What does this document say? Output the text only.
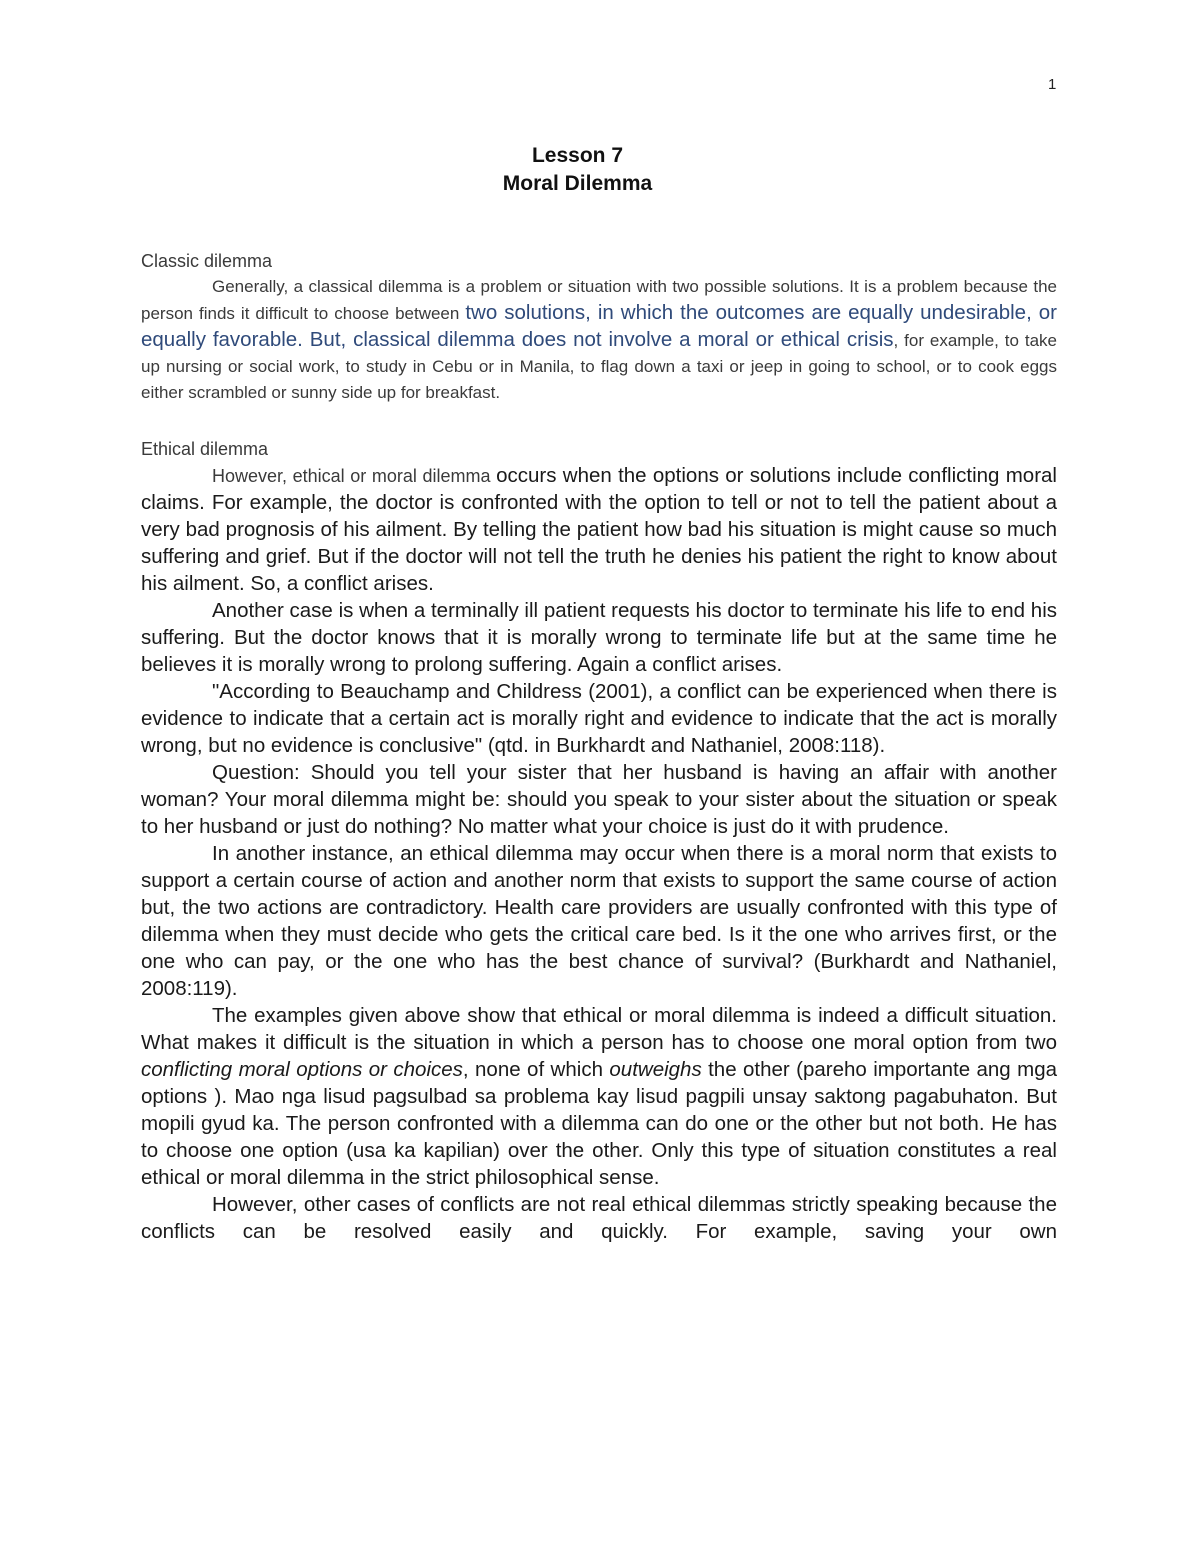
1
Lesson 7
Moral Dilemma
Classic dilemma

Generally, a classical dilemma is a problem or situation with two possible solutions. It is a problem because the person finds it difficult to choose between two solutions, in which the outcomes are equally undesirable, or equally favorable. But, classical dilemma does not involve a moral or ethical crisis, for example, to take up nursing or social work, to study in Cebu or in Manila, to flag down a taxi or jeep in going to school, or to cook eggs either scrambled or sunny side up for breakfast.

Ethical dilemma

However, ethical or moral dilemma occurs when the options or solutions include conflicting moral claims. For example, the doctor is confronted with the option to tell or not to tell the patient about a very bad prognosis of his ailment. By telling the patient how bad his situation is might cause so much suffering and grief. But if the doctor will not tell the truth he denies his patient the right to know about his ailment. So, a conflict arises.

Another case is when a terminally ill patient requests his doctor to terminate his life to end his suffering. But the doctor knows that it is morally wrong to terminate life but at the same time he believes it is morally wrong to prolong suffering. Again a conflict arises.

"According to Beauchamp and Childress (2001), a conflict can be experienced when there is evidence to indicate that a certain act is morally right and evidence to indicate that the act is morally wrong, but no evidence is conclusive" (qtd. in Burkhardt and Nathaniel, 2008:118).

Question: Should you tell your sister that her husband is having an affair with another woman? Your moral dilemma might be: should you speak to your sister about the situation or speak to her husband or just do nothing? No matter what your choice is just do it with prudence.

In another instance, an ethical dilemma may occur when there is a moral norm that exists to support a certain course of action and another norm that exists to support the same course of action but, the two actions are contradictory. Health care providers are usually confronted with this type of dilemma when they must decide who gets the critical care bed. Is it the one who arrives first, or the one who can pay, or the one who has the best chance of survival? (Burkhardt and Nathaniel, 2008:119).

The examples given above show that ethical or moral dilemma is indeed a difficult situation. What makes it difficult is the situation in which a person has to choose one moral option from two conflicting moral options or choices, none of which outweighs the other (pareho importante ang mga options ). Mao nga lisud pagsulbad sa problema kay lisud pagpili unsay saktong pagabuhaton. But mopili gyud ka. The person confronted with a dilemma can do one or the other but not both. He has to choose one option (usa ka kapilian) over the other. Only this type of situation constitutes a real ethical or moral dilemma in the strict philosophical sense.

However, other cases of conflicts are not real ethical dilemmas strictly speaking because the conflicts can be resolved easily and quickly. For example, saving your own
